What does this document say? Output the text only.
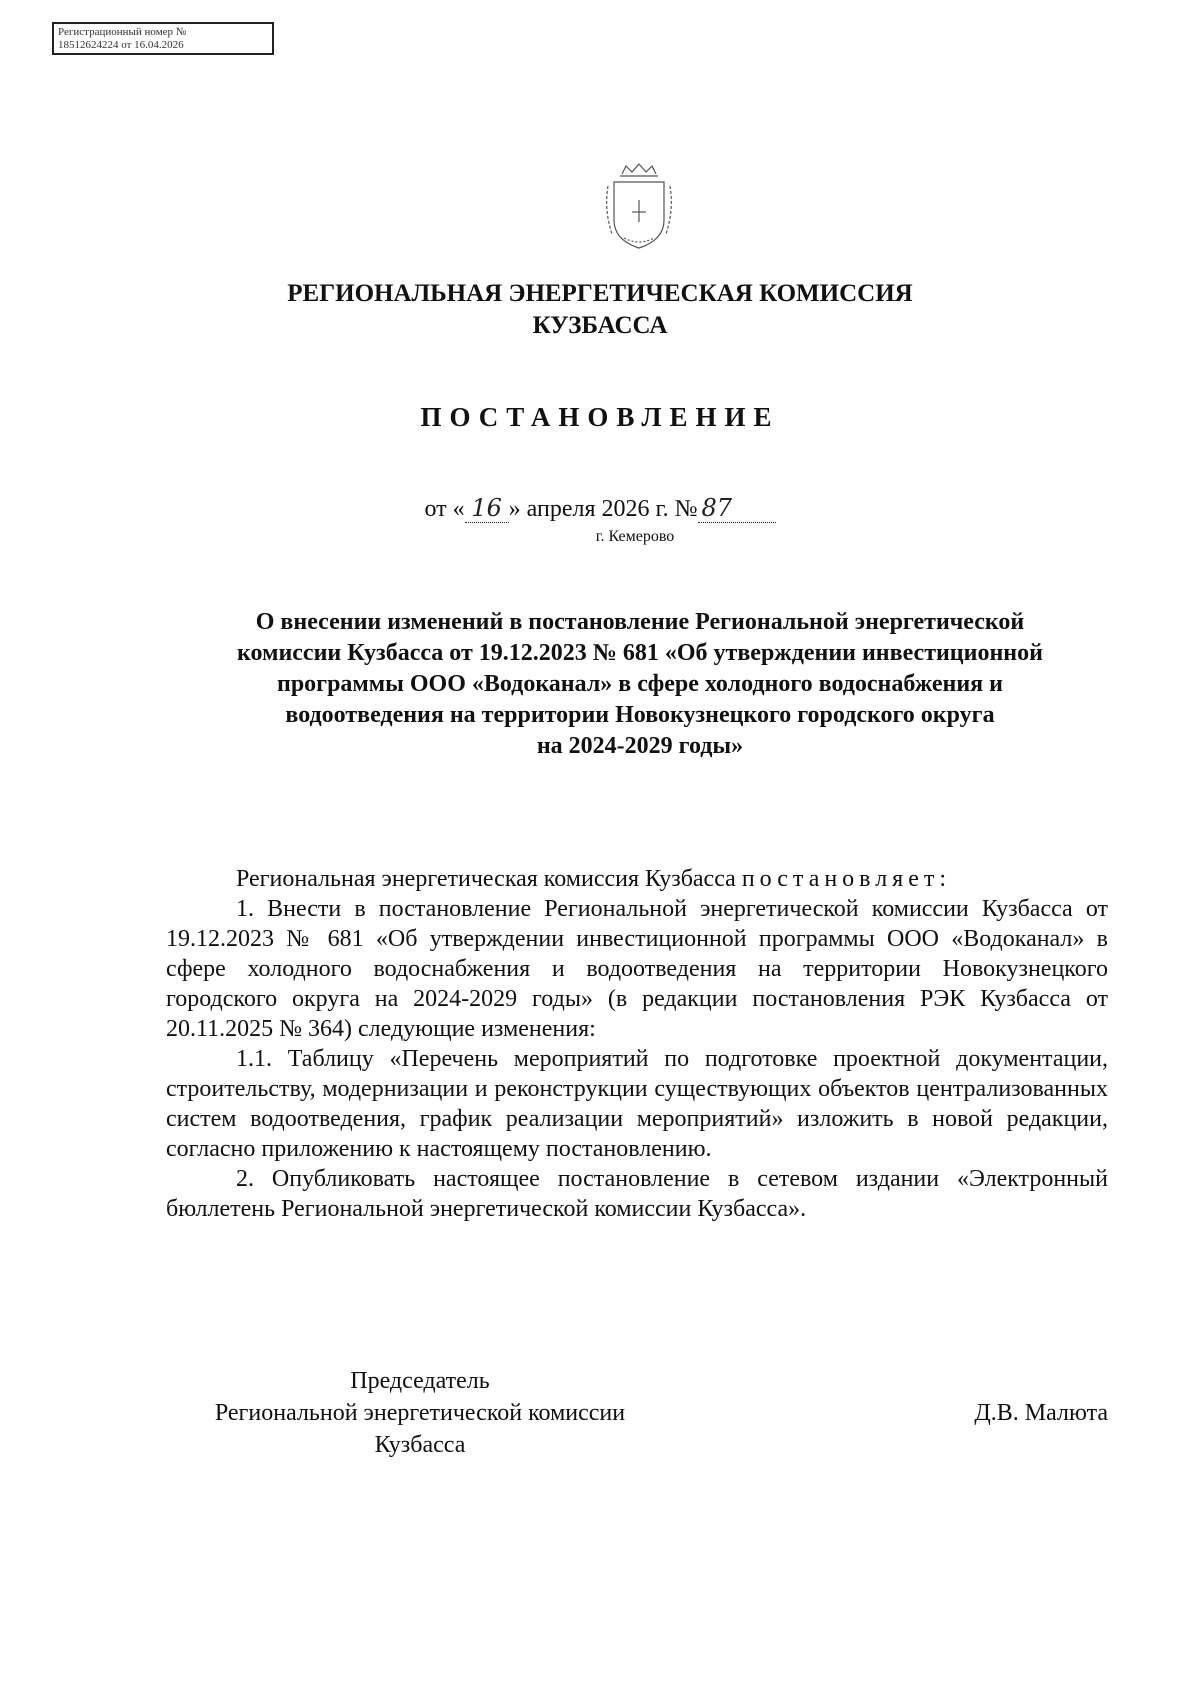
Регистрационный номер №
18512624224 от 16.04.2026
РЕГИОНАЛЬНАЯ ЭНЕРГЕТИЧЕСКАЯ КОМИССИЯ
КУЗБАССА
ПОСТАНОВЛЕНИЕ
от « 16 » апреля 2026 г. № 87
г. Кемерово
О внесении изменений в постановление Региональной энергетической
комиссии Кузбасса от 19.12.2023 № 681 «Об утверждении инвестиционной
программы ООО «Водоканал» в сфере холодного водоснабжения и
водоотведения на территории Новокузнецкого городского округа
на 2024-2029 годы»

Региональная энергетическая комиссия Кузбасса постановляет:

1. Внести в постановление Региональной энергетической комиссии Кузбасса от 19.12.2023 № 681 «Об утверждении инвестиционной программы ООО «Водоканал» в сфере холодного водоснабжения и водоотведения на территории Новокузнецкого городского округа на 2024-2029 годы» (в редакции постановления РЭК Кузбасса от 20.11.2025 № 364) следующие изменения:

1.1. Таблицу «Перечень мероприятий по подготовке проектной документации, строительству, модернизации и реконструкции существующих объектов централизованных систем водоотведения, график реализации мероприятий» изложить в новой редакции, согласно приложению к настоящему постановлению.

2. Опубликовать настоящее постановление в сетевом издании «Электронный бюллетень Региональной энергетической комиссии Кузбасса».

Председатель
Региональной энергетической комиссии
Кузбасса
Д.В. Малюта
